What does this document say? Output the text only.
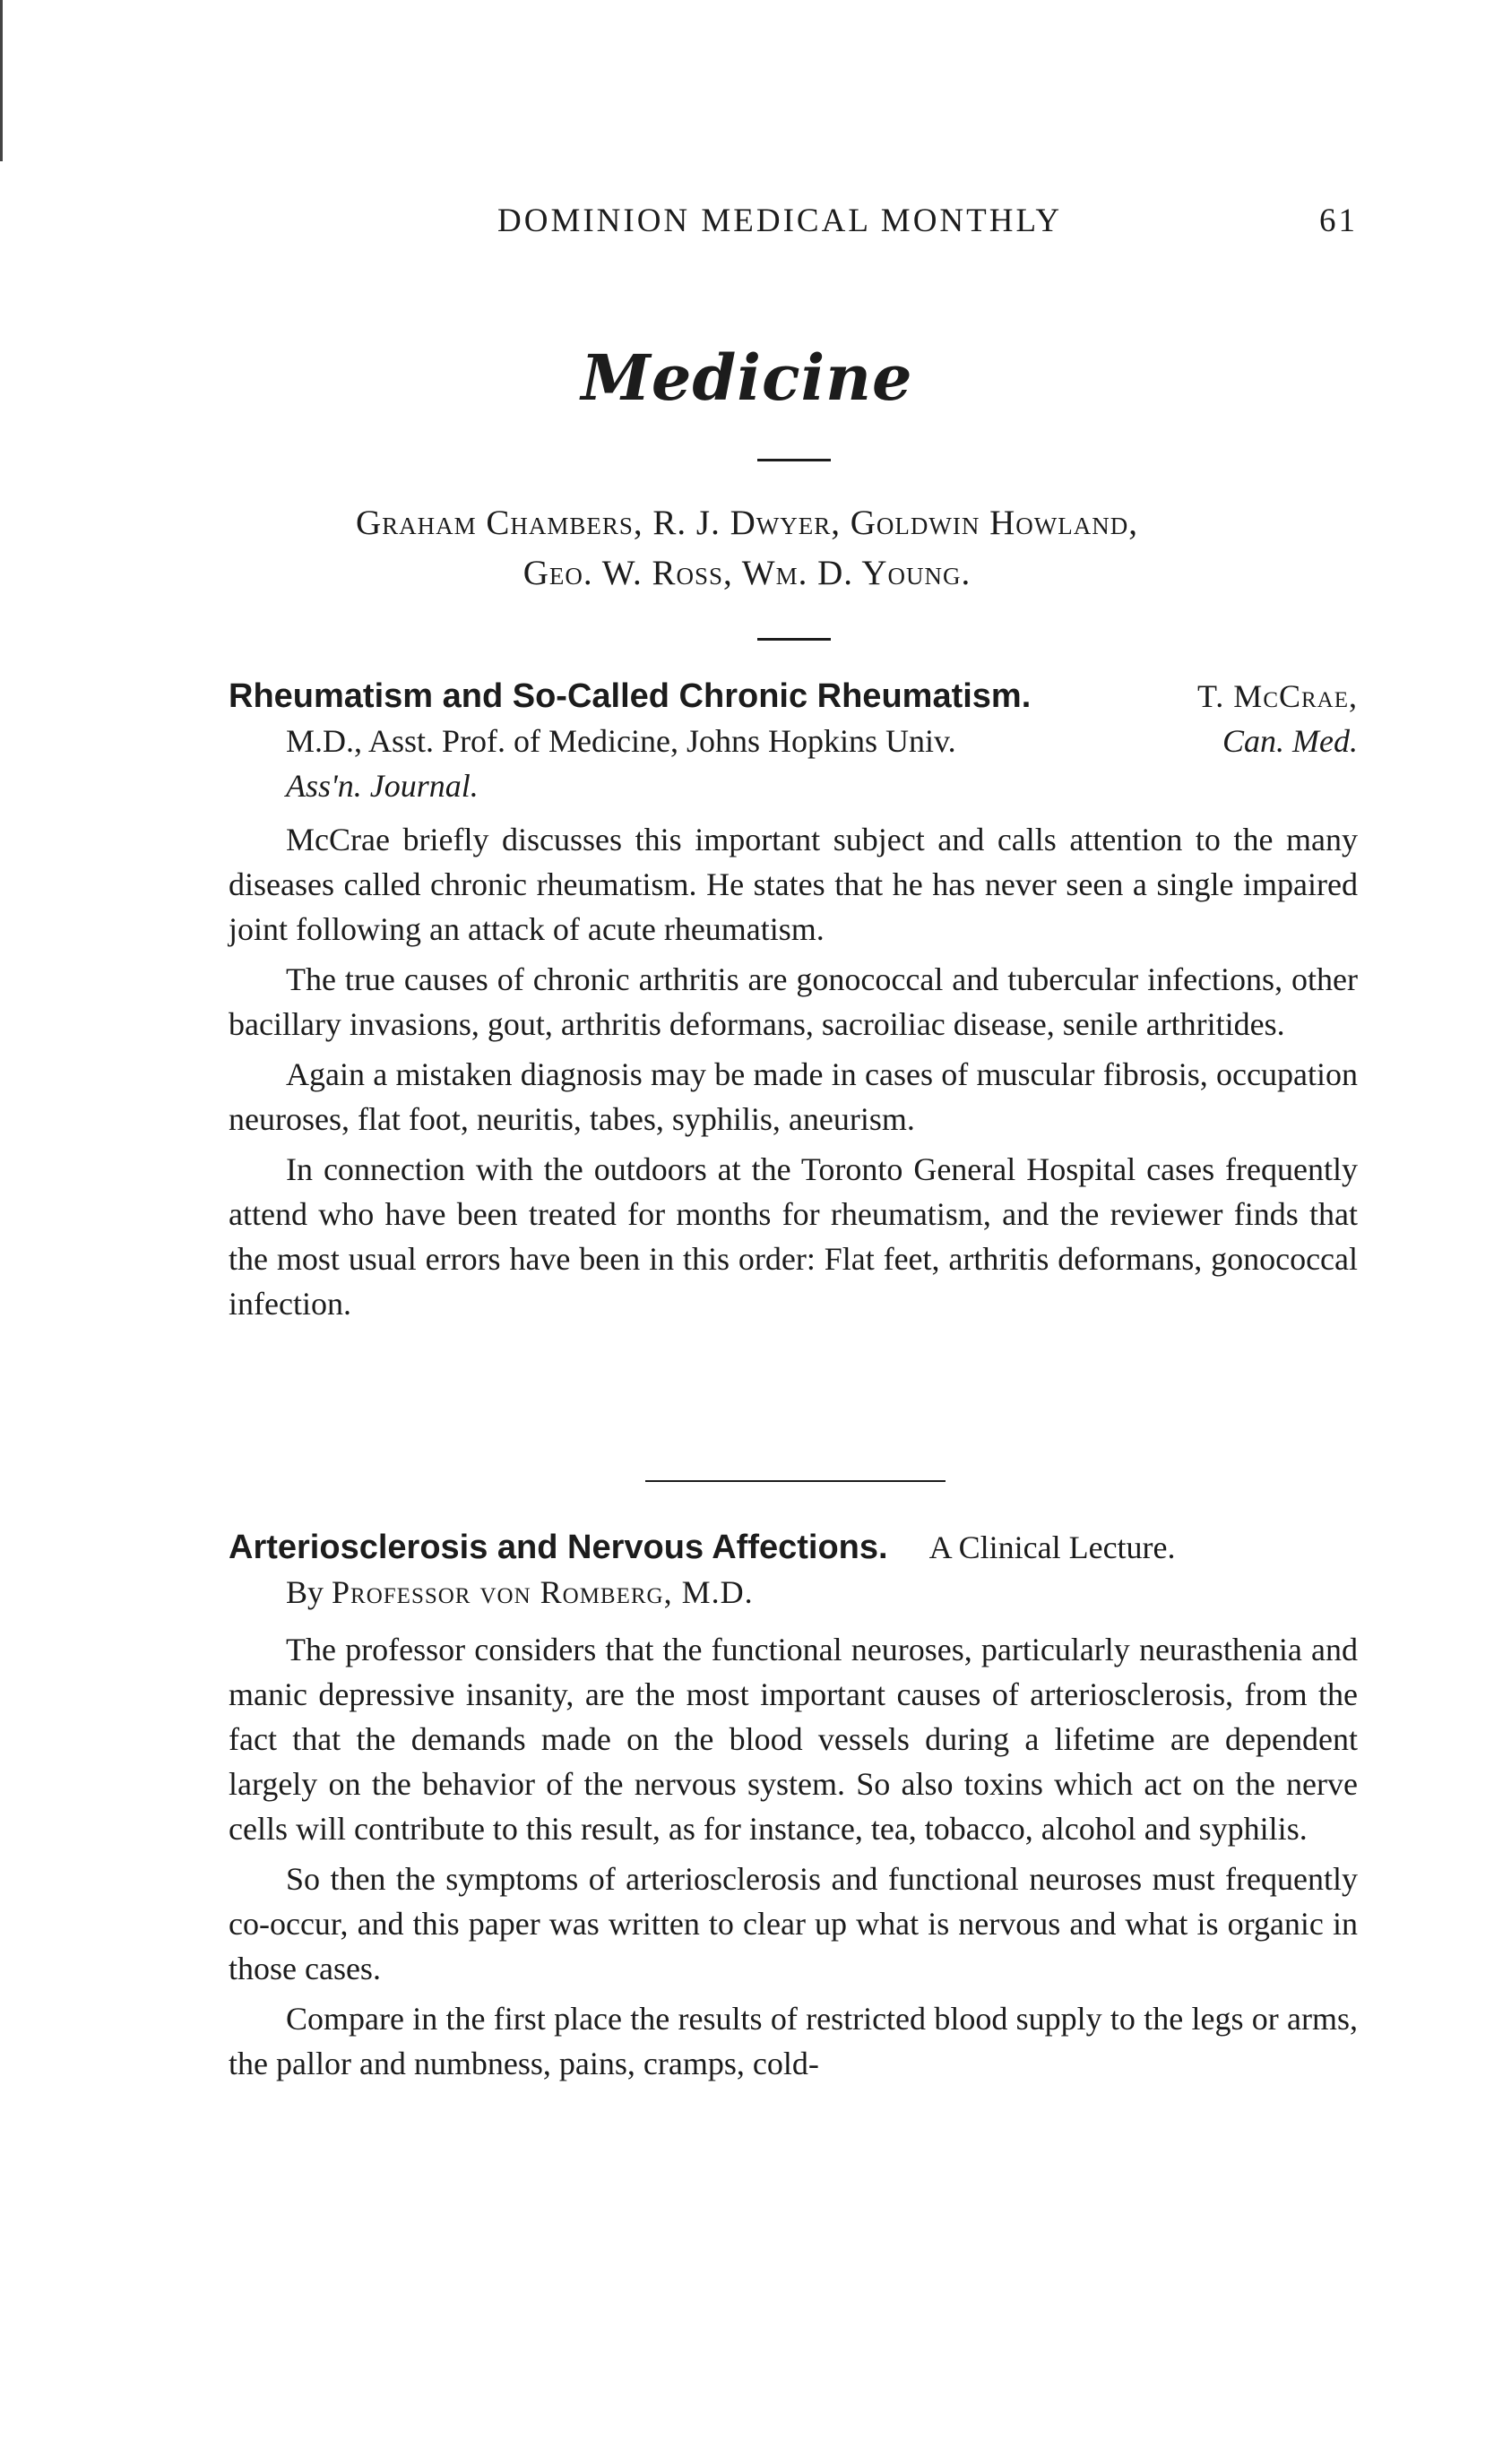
DOMINION MEDICAL MONTHLY	61
Medicine
Graham Chambers, R. J. Dwyer, Goldwin Howland,
Geo. W. Ross, Wm. D. Young.
Rheumatism and So-Called Chronic Rheumatism.	T. McCrae,
M.D., Asst. Prof. of Medicine, Johns Hopkins Univ.	Can. Med.
Ass'n. Journal.

McCrae briefly discusses this important subject and calls attention to the many diseases called chronic rheumatism. He states that he has never seen a single impaired joint following an attack of acute rheumatism.

The true causes of chronic arthritis are gonococcal and tubercular infections, other bacillary invasions, gout, arthritis deformans, sacroiliac disease, senile arthritides.

Again a mistaken diagnosis may be made in cases of muscular fibrosis, occupation neuroses, flat foot, neuritis, tabes, syphilis, aneurism.

In connection with the outdoors at the Toronto General Hospital cases frequently attend who have been treated for months for rheumatism, and the reviewer finds that the most usual errors have been in this order: Flat feet, arthritis deformans, gonococcal infection.

Arteriosclerosis and Nervous Affections. A Clinical Lecture.
By Professor von Romberg, M.D.

The professor considers that the functional neuroses, particularly neurasthenia and manic depressive insanity, are the most important causes of arteriosclerosis, from the fact that the demands made on the blood vessels during a lifetime are dependent largely on the behavior of the nervous system. So also toxins which act on the nerve cells will contribute to this result, as for instance, tea, tobacco, alcohol and syphilis.

So then the symptoms of arteriosclerosis and functional neuroses must frequently co-occur, and this paper was written to clear up what is nervous and what is organic in those cases.

Compare in the first place the results of restricted blood supply to the legs or arms, the pallor and numbness, pains, cramps, cold-
